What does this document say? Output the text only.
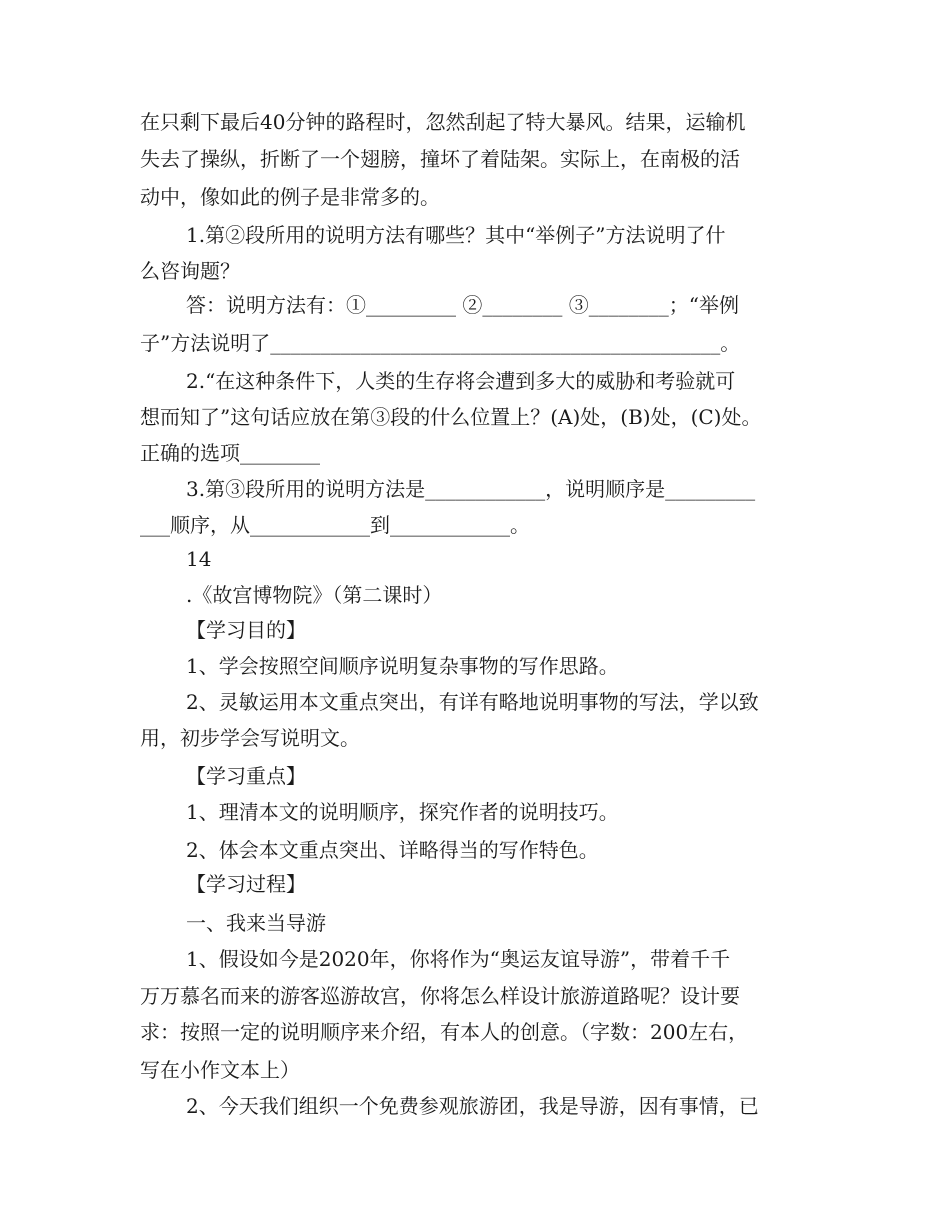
在只剩下最后40分钟的路程时，忽然刮起了特大暴风。结果，运输机
失去了操纵，折断了一个翅膀，撞坏了着陆架。实际上，在南极的活
动中，像如此的例子是非常多的。
1.第②段所用的说明方法有哪些？其中“举例子”方法说明了什
么咨询题？
答：说明方法有：①_________ ②________ ③________；“举例
子”方法说明了_____________________________________________。
2.“在这种条件下，人类的生存将会遭到多大的威胁和考验就可
想而知了”这句话应放在第③段的什么位置上？(A)处，(B)处，(C)处。
正确的选项________
3.第③段所用的说明方法是____________，说明顺序是_________
___顺序，从____________到____________。
14
.《故宫博物院》（第二课时）
【学习目的】
1、学会按照空间顺序说明复杂事物的写作思路。
2、灵敏运用本文重点突出，有详有略地说明事物的写法，学以致
用，初步学会写说明文。
【学习重点】
1、理清本文的说明顺序，探究作者的说明技巧。
2、体会本文重点突出、详略得当的写作特色。
【学习过程】
一、我来当导游
1、假设如今是2020年，你将作为“奥运友谊导游”，带着千千
万万慕名而来的游客巡游故宫，你将怎么样设计旅游道路呢？设计要
求：按照一定的说明顺序来介绍，有本人的创意。（字数：200左右，
写在小作文本上）
2、今天我们组织一个免费参观旅游团，我是导游，因有事情，已
